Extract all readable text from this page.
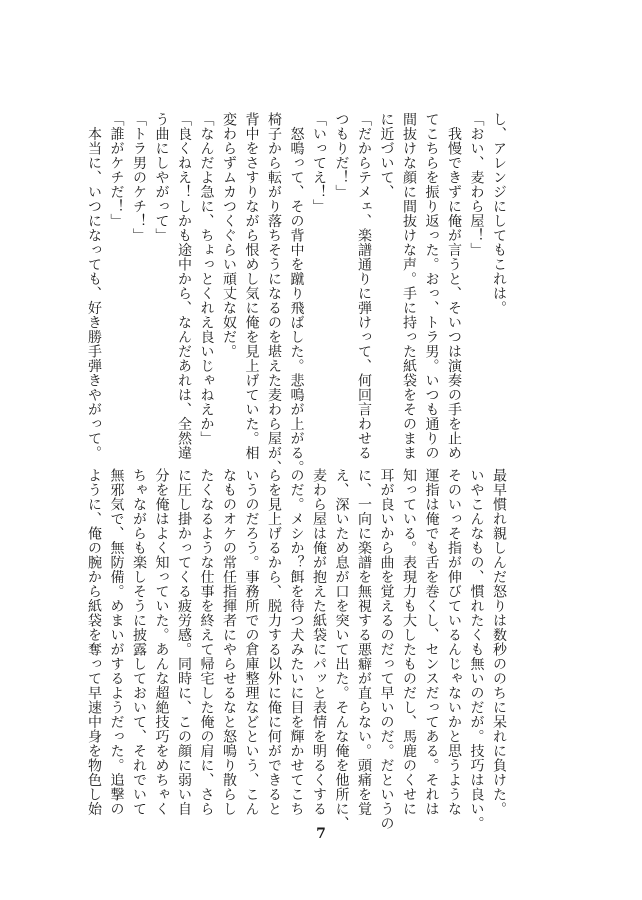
し、アレンジにしてもこれは。
「おい、麦わら屋！」
　我慢できずに俺が言うと、そいつは演奏の手を止め
てこちらを振り返った。おっ、トラ男。いつも通りの
間抜けな顔に間抜けな声。手に持った紙袋をそのまま
に近づいて、
「だからテメェ、楽譜通りに弾けって、何回言わせる
つもりだ！」
「いってえ！」
　怒鳴って、その背中を蹴り飛ばした。悲鳴が上がる。
椅子から転がり落ちそうになるのを堪えた麦わら屋が、
背中をさすりながら恨めし気に俺を見上げていた。相
変わらずムカつくぐらい頑丈な奴だ。
「なんだよ急に、ちょっとくれえ良いじゃねえか」
「良くねえ！しかも途中から、なんだあれは、全然違
う曲にしやがって」
「トラ男のケチ！」
「誰がケチだ！」
　本当に、いつになっても、好き勝手弾きやがって。
最早慣れ親しんだ怒りは数秒ののちに呆れに負けた。
いやこんなもの、慣れたくも無いのだが。技巧は良い。
そのいっそ指が伸びているんじゃないかと思うような
運指は俺でも舌を巻くし、センスだってある。それは
知っている。表現力も大したものだし、馬鹿のくせに
耳が良いから曲を覚えるのだって早いのだ。だというの
に、一向に楽譜を無視する悪癖が直らない。頭痛を覚
え、深いため息が口を突いて出た。そんな俺を他所に、
麦わら屋は俺が抱えた紙袋にパッと表情を明るくする
のだ。メシか？餌を待つ犬みたいに目を輝かせてこち
らを見上げるから、脱力する以外に俺に何ができると
いうのだろう。事務所での倉庫整理などという、こん
なものオケの常任指揮者にやらせるなと怒鳴り散らし
たくなるような仕事を終えて帰宅した俺の肩に、さら
に圧し掛かってくる疲労感。同時に、この顔に弱い自
分を俺はよく知っていた。あんな超絶技巧をめちゃく
ちゃながらも楽しそうに披露しておいて、それでいて
無邪気で、無防備。めまいがするようだった。追撃の
ように、俺の腕から紙袋を奪って早速中身を物色し始
7
